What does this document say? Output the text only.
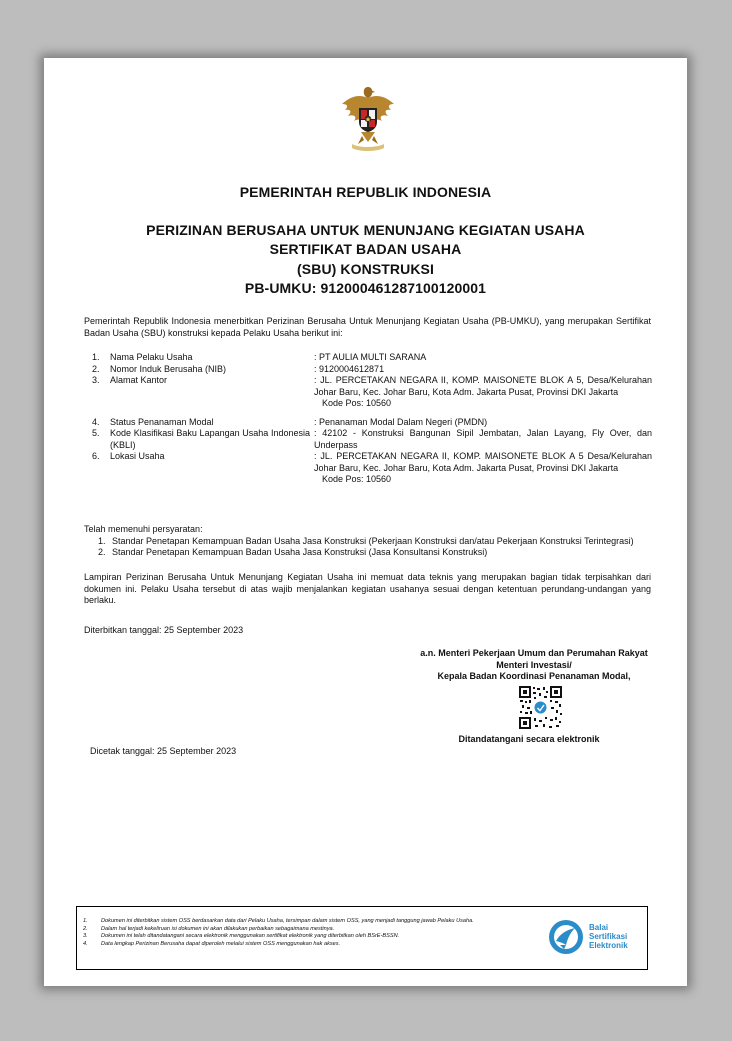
PEMERINTAH REPUBLIK INDONESIA
PERIZINAN BERUSAHA UNTUK MENUNJANG KEGIATAN USAHA
SERTIFIKAT BADAN USAHA
(SBU) KONSTRUKSI
PB-UMKU: 912000461287100120001
Pemerintah Republik Indonesia menerbitkan Perizinan Berusaha Untuk Menunjang Kegiatan Usaha (PB-UMKU), yang merupakan Sertifikat Badan Usaha (SBU) konstruksi kepada Pelaku Usaha berikut ini:
1.	Nama Pelaku Usaha	: PT AULIA MULTI SARANA
2.	Nomor Induk Berusaha (NIB)	: 9120004612871
3.	Alamat Kantor	: JL. PERCETAKAN NEGARA II, KOMP. MAISONETE BLOK A 5, Desa/Kelurahan Johar Baru, Kec. Johar Baru, Kota Adm. Jakarta Pusat, Provinsi DKI Jakarta
Kode Pos: 10560
4.	Status Penanaman Modal	: Penanaman Modal Dalam Negeri (PMDN)
5.	Kode Klasifikasi Baku Lapangan Usaha Indonesia (KBLI)
: 42102 - Konstruksi Bangunan Sipil Jembatan, Jalan Layang, Fly Over, dan Underpass
6.	Lokasi Usaha	: JL. PERCETAKAN NEGARA II, KOMP. MAISONETE BLOK A 5 Desa/Kelurahan Johar Baru, Kec. Johar Baru, Kota Adm. Jakarta Pusat, Provinsi DKI Jakarta
Kode Pos: 10560
Telah memenuhi persyaratan:
1. Standar Penetapan Kemampuan Badan Usaha Jasa Konstruksi (Pekerjaan Konstruksi dan/atau Pekerjaan Konstruksi Terintegrasi)
2. Standar Penetapan Kemampuan Badan Usaha Jasa Konstruksi (Jasa Konsultansi Konstruksi)
Lampiran Perizinan Berusaha Untuk Menunjang Kegiatan Usaha ini memuat data teknis yang merupakan bagian tidak terpisahkan dari dokumen ini. Pelaku Usaha tersebut di atas wajib menjalankan kegiatan usahanya sesuai dengan ketentuan perundang-undangan yang berlaku.
Diterbitkan tanggal: 25 September 2023
a.n. Menteri Pekerjaan Umum dan Perumahan Rakyat
Menteri Investasi/
Kepala Badan Koordinasi Penanaman Modal,
Ditandatangani secara elektronik
Dicetak tanggal: 25 September 2023
1.	Dokumen ini diterbitkan sistem OSS berdasarkan data dari Pelaku Usaha, tersimpan dalam sistem OSS, yang menjadi tanggung jawab Pelaku Usaha.
2.	Dalam hal terjadi kekeliruan isi dokumen ini akan dilakukan perbaikan sebagaimana mestinya.
3.	Dokumen ini telah ditandatangani secara elektronik menggunakan sertifikat elektronik yang diterbitkan oleh BSrE-BSSN.
4.	Data lengkap Perizinan Berusaha dapat diperoleh melalui sistem OSS menggunakan hak akses.
Balai
Sertifikasi
Elektronik
